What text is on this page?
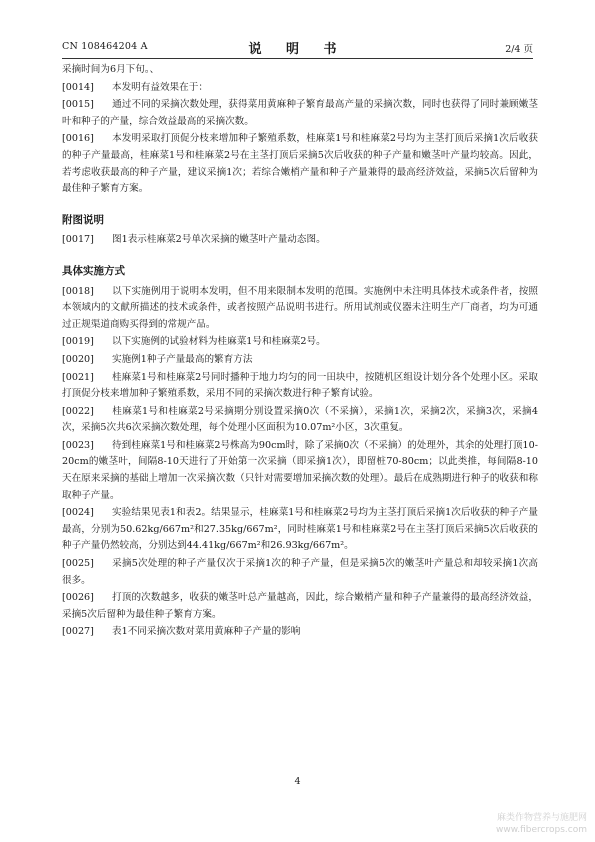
CN 108464204 A	说 明 书	2/4 页
采摘时间为6月下旬。、
[0014] 本发明有益效果在于：
[0015] 通过不同的采摘次数处理，获得菜用黄麻种子繁育最高产量的采摘次数，同时也获得了同时兼顾嫩茎叶和种子的产量，综合效益最高的采摘次数。
[0016] 本发明采取打顶促分枝来增加种子繁殖系数，桂麻菜1号和桂麻菜2号均为主茎打顶后采摘1次后收获的种子产量最高，桂麻菜1号和桂麻菜2号在主茎打顶后采摘5次后收获的种子产量和嫩茎叶产量均较高。因此，若考虑收获最高的种子产量，建议采摘1次；若综合嫩梢产量和种子产量兼得的最高经济效益，采摘5次后留种为最佳种子繁育方案。
附图说明
[0017] 图1表示桂麻菜2号单次采摘的嫩茎叶产量动态图。
具体实施方式
[0018] 以下实施例用于说明本发明，但不用来限制本发明的范围。实施例中未注明具体技术或条件者，按照本领域内的文献所描述的技术或条件，或者按照产品说明书进行。所用试剂或仪器未注明生产厂商者，均为可通过正规渠道商购买得到的常规产品。
[0019] 以下实施例的试验材料为桂麻菜1号和桂麻菜2号。
[0020] 实施例1种子产量最高的繁育方法
[0021] 桂麻菜1号和桂麻菜2号同时播种于地力均匀的同一田块中，按随机区组设计划分各个处理小区。采取打顶促分枝来增加种子繁殖系数，采用不同的采摘次数进行种子繁育试验。
[0022] 桂麻菜1号和桂麻菜2号采摘期分别设置采摘0次（不采摘），采摘1次，采摘2次，采摘3次，采摘4次，采摘5次共6次采摘次数处理，每个处理小区面积为10.07m²小区，3次重复。
[0023] 待到桂麻菜1号和桂麻菜2号株高为90cm时，除了采摘0次（不采摘）的处理外，其余的处理打顶10-20cm的嫩茎叶，间隔8-10天进行了开始第一次采摘（即采摘1次），即留桩70-80cm；以此类推，每间隔8-10天在原来采摘的基础上增加一次采摘次数（只针对需要增加采摘次数的处理）。最后在成熟期进行种子的收获和称取种子产量。
[0024] 实验结果见表1和表2。结果显示，桂麻菜1号和桂麻菜2号均为主茎打顶后采摘1次后收获的种子产量最高，分别为50.62kg/667m²和27.35kg/667m²，同时桂麻菜1号和桂麻菜2号在主茎打顶后采摘5次后收获的种子产量仍然较高，分别达到44.41kg/667m²和26.93kg/667m²。
[0025] 采摘5次处理的种子产量仅次于采摘1次的种子产量，但是采摘5次的嫩茎叶产量总和却较采摘1次高很多。
[0026] 打顶的次数越多，收获的嫩茎叶总产量越高，因此，综合嫩梢产量和种子产量兼得的最高经济效益，采摘5次后留种为最佳种子繁育方案。
[0027] 表1不同采摘次数对菜用黄麻种子产量的影响
4
麻类作物营养与施肥网
www.fibercrops.com
